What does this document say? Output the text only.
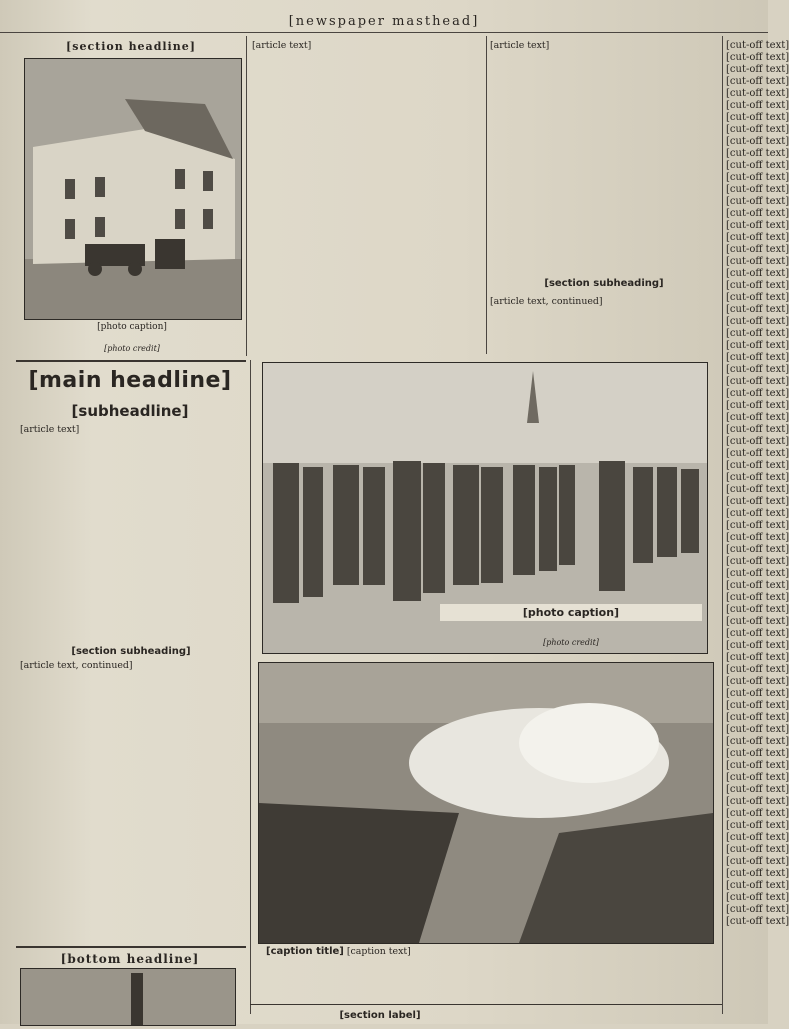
[newspaper masthead]
[section headline]
[photo caption]
[photo credit]
[main headline]
[subheadline]
[article text]
[section subheading]
[article text, continued]
[bottom headline]
[article text]	[article text]
[section subheading]
[article text, continued]
[photo caption]
[photo credit]
[caption title] [caption text]
[section label]
[cut-off text]
[cut-off text]
[cut-off text]
[cut-off text]
[cut-off text]
[cut-off text]
[cut-off text]
[cut-off text]
[cut-off text]
[cut-off text]
[cut-off text]
[cut-off text]
[cut-off text]
[cut-off text]
[cut-off text]
[cut-off text]
[cut-off text]
[cut-off text]
[cut-off text]
[cut-off text]
[cut-off text]
[cut-off text]
[cut-off text]
[cut-off text]
[cut-off text]
[cut-off text]
[cut-off text]
[cut-off text]
[cut-off text]
[cut-off text]
[cut-off text]
[cut-off text]
[cut-off text]
[cut-off text]
[cut-off text]
[cut-off text]
[cut-off text]
[cut-off text]
[cut-off text]
[cut-off text]
[cut-off text]
[cut-off text]
[cut-off text]
[cut-off text]
[cut-off text]
[cut-off text]
[cut-off text]
[cut-off text]
[cut-off text]
[cut-off text]
[cut-off text]
[cut-off text]
[cut-off text]
[cut-off text]
[cut-off text]
[cut-off text]
[cut-off text]
[cut-off text]
[cut-off text]
[cut-off text]
[cut-off text]
[cut-off text]
[cut-off text]
[cut-off text]
[cut-off text]
[cut-off text]
[cut-off text]
[cut-off text]
[cut-off text]
[cut-off text]
[cut-off text]
[cut-off text]
[cut-off text]
[cut-off text]
